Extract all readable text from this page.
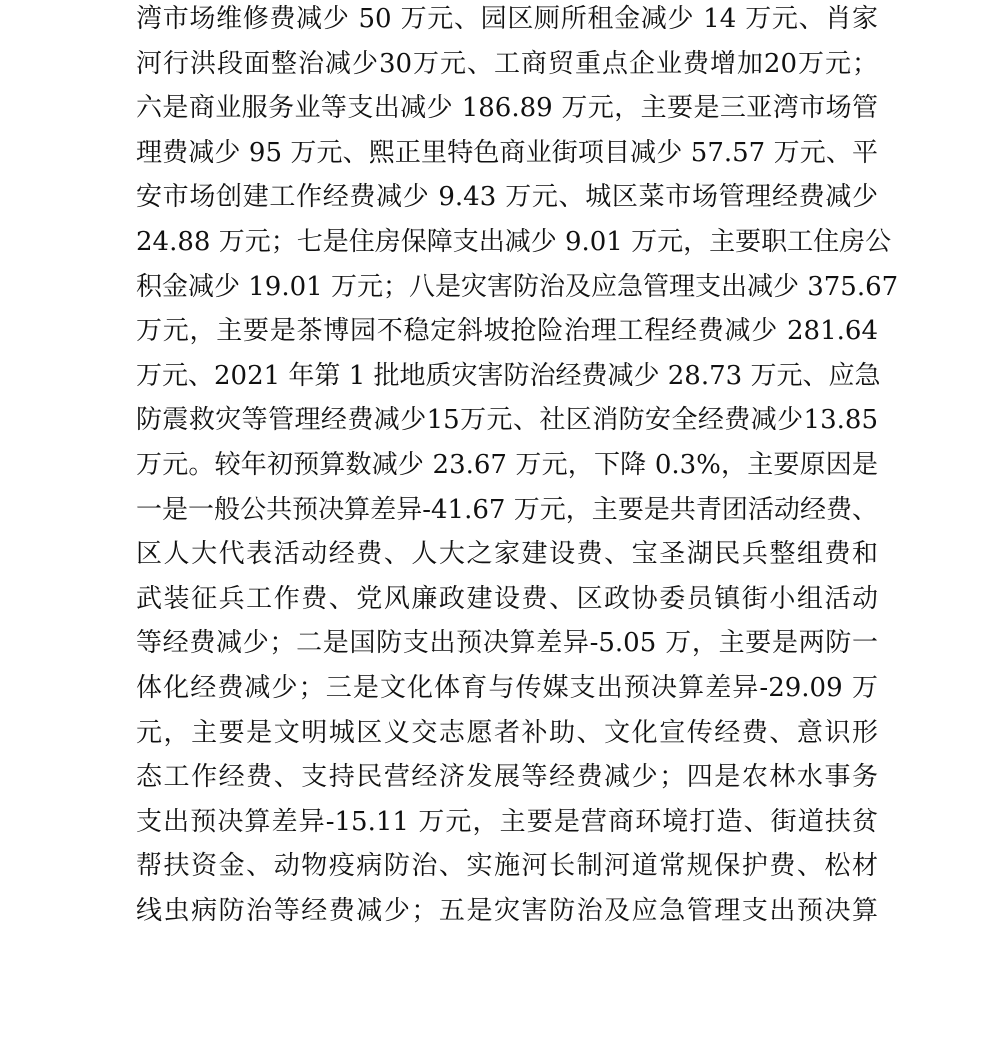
湾市场维修费减少 50 万元、园区厕所租金减少 14 万元、肖家
河行洪段面整治减少30万元、工商贸重点企业费增加20万元；
六是商业服务业等支出减少 186.89 万元，主要是三亚湾市场管
理费减少 95 万元、熙正里特色商业街项目减少 57.57 万元、平
安市场创建工作经费减少 9.43 万元、城区菜市场管理经费减少
24.88 万元；七是住房保障支出减少 9.01 万元，主要职工住房公
积金减少 19.01 万元；八是灾害防治及应急管理支出减少 375.67
万元，主要是茶博园不稳定斜坡抢险治理工程经费减少 281.64
万元、2021 年第 1 批地质灾害防治经费减少 28.73 万元、应急
防震救灾等管理经费减少15万元、社区消防安全经费减少13.85
万元。较年初预算数减少 23.67 万元，下降 0.3%，主要原因是
一是一般公共预决算差异-41.67 万元，主要是共青团活动经费、
区人大代表活动经费、人大之家建设费、宝圣湖民兵整组费和
武装征兵工作费、党风廉政建设费、区政协委员镇街小组活动
等经费减少；二是国防支出预决算差异-5.05 万，主要是两防一
体化经费减少；三是文化体育与传媒支出预决算差异-29.09 万
元，主要是文明城区义交志愿者补助、文化宣传经费、意识形
态工作经费、支持民营经济发展等经费减少；四是农林水事务
支出预决算差异-15.11 万元，主要是营商环境打造、街道扶贫
帮扶资金、动物疫病防治、实施河长制河道常规保护费、松材
线虫病防治等经费减少；五是灾害防治及应急管理支出预决算
